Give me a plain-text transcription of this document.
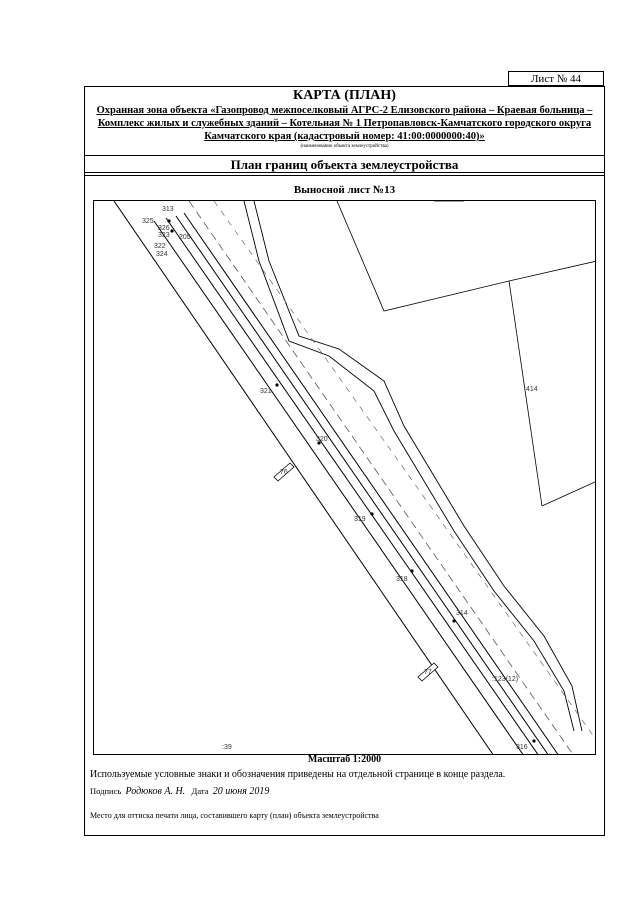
Лист № 44
КАРТА (ПЛАН)
Охранная зона объекта «Газопровод межпоселковый АГРС-2 Елизовского района – Краевая больница – Комплекс жилых и служебных зданий – Котельная № 1 Петропавловск-Камчатского городского округа Камчатского края (кадастровый номер: 41:00:0000000:40)»
(наименование объекта землеустройства)
План границ объекта землеустройства
Выносной лист №13
313
325
326
322
323
324
205
321
320
319
318
314
316
:414
:39
:123(12)
76
77
Масштаб 1:2000
Используемые условные знаки и обозначения приведены на отдельной странице в конце раздела.
Подпись Родюков А. Н. Дата 20 июня 2019
Место для оттиска печати лица, составившего карту (план) объекта землеустройства
